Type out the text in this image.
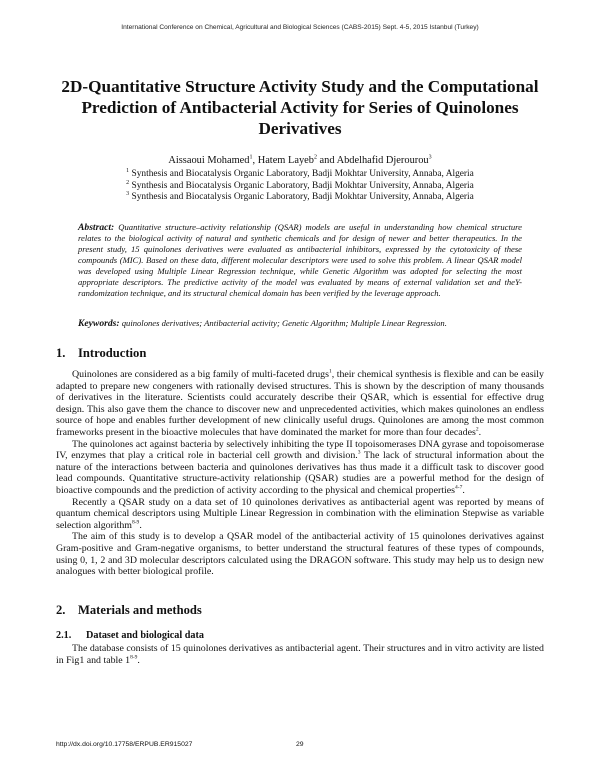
International Conference on Chemical, Agricultural and Biological Sciences (CABS-2015) Sept. 4-5, 2015 Istanbul (Turkey)
2D-Quantitative Structure Activity Study and the Computational Prediction of Antibacterial Activity for Series of Quinolones Derivatives
Aissaoui Mohamed$^1$, Hatem Layeb$^2$ and Abdelhafid Djerourou$^3$
$^1$ Synthesis and Biocatalysis Organic Laboratory, Badji Mokhtar University, Annaba, Algeria
$^2$ Synthesis and Biocatalysis Organic Laboratory, Badji Mokhtar University, Annaba, Algeria
$^3$ Synthesis and Biocatalysis Organic Laboratory, Badji Mokhtar University, Annaba, Algeria
Abstract: Quantitative structure–activity relationship (QSAR) models are useful in understanding how chemical structure relates to the biological activity of natural and synthetic chemicals and for design of newer and better therapeutics. In the present study, 15 quinolones derivatives were evaluated as antibacterial inhibitors, expressed by the cytotoxicity of these compounds (MIC). Based on these data, different molecular descriptors were used to solve this problem. A linear QSAR model was developed using Multiple Linear Regression technique, while Genetic Algorithm was adopted for selecting the most appropriate descriptors. The predictive activity of the model was evaluated by means of external validation set and theY-randomization technique, and its structural chemical domain has been verified by the leverage approach.
Keywords: quinolones derivatives; Antibacterial activity; Genetic Algorithm; Multiple Linear Regression.
1. Introduction

Quinolones are considered as a big family of multi-faceted drugs$^1$, their chemical synthesis is flexible and can be easily adapted to prepare new congeners with rationally devised structures. This is shown by the description of many thousands of derivatives in the literature. Scientists could accurately describe their QSAR, which is essential for effective drug design. This also gave them the chance to discover new and unprecedented activities, which makes quinolones an endless source of hope and enables further development of new clinically useful drugs. Quinolones are among the most common frameworks present in the bioactive molecules that have dominated the market for more than four decades$^2$.

The quinolones act against bacteria by selectively inhibiting the type II topoisomerases DNA gyrase and topoisomerase IV, enzymes that play a critical role in bacterial cell growth and division.$^3$ The lack of structural information about the nature of the interactions between bacteria and quinolones derivatives has thus made it a difficult task to discover good lead compounds. Quantitative structure-activity relationship (QSAR) studies are a powerful method for the design of bioactive compounds and the prediction of activity according to the physical and chemical properties$^{4-7}$.

Recently a QSAR study on a data set of 10 quinolones derivatives as antibacterial agent was reported by means of quantum chemical descriptors using Multiple Linear Regression in combination with the elimination Stepwise as variable selection algorithm$^{8-9}$.

The aim of this study is to develop a QSAR model of the antibacterial activity of 15 quinolones derivatives against Gram-positive and Gram-negative organisms, to better understand the structural features of these types of compounds, using 0, 1, 2 and 3D molecular descriptors calculated using the DRAGON software. This study may help us to design new analogues with better biological profile.

2. Materials and methods
2.1. Dataset and biological data

The database consists of 15 quinolones derivatives as antibacterial agent. Their structures and in vitro activity are listed in Fig1 and table 1$^{8-9}$.

http://dx.doi.org/10.17758/ERPUB.ER915027	29
